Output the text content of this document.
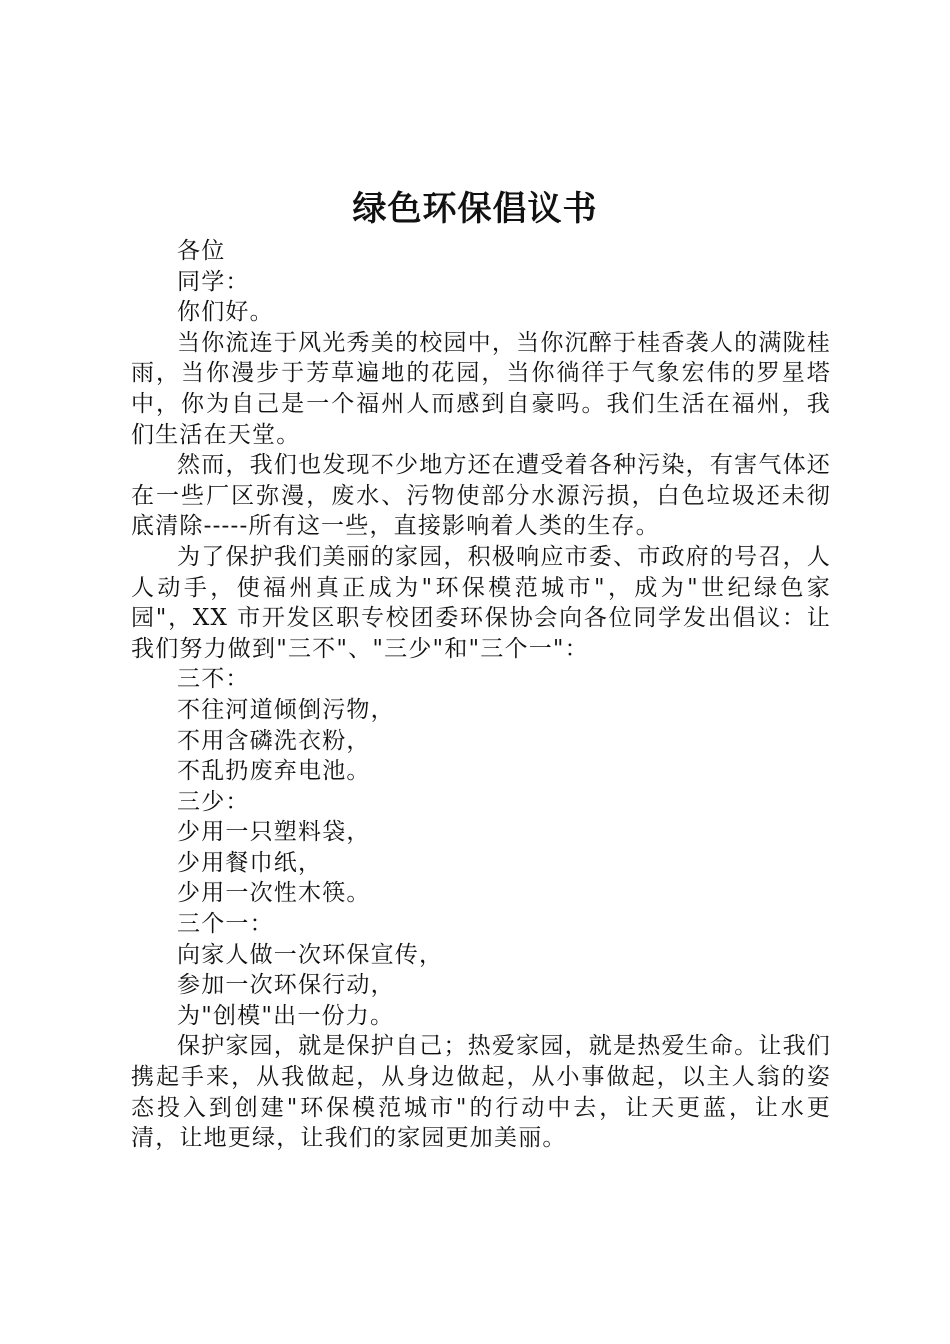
绿色环保倡议书

各位

同学：

你们好。

当你流连于风光秀美的校园中，当你沉醉于桂香袭人的满陇桂雨，当你漫步于芳草遍地的花园，当你徜徉于气象宏伟的罗星塔中，你为自己是一个福州人而感到自豪吗。我们生活在福州，我们生活在天堂。

然而，我们也发现不少地方还在遭受着各种污染，有害气体还在一些厂区弥漫，废水、污物使部分水源污损，白色垃圾还未彻底清除-----所有这一些，直接影响着人类的生存。

为了保护我们美丽的家园，积极响应市委、市政府的号召，人人动手，使福州真正成为"环保模范城市"，成为"世纪绿色家园"，XX 市开发区职专校团委环保协会向各位同学发出倡议：让我们努力做到"三不"、"三少"和"三个一"：

三不：

不往河道倾倒污物，

不用含磷洗衣粉，

不乱扔废弃电池。

三少：

少用一只塑料袋，

少用餐巾纸，

少用一次性木筷。

三个一：

向家人做一次环保宣传，

参加一次环保行动，

为"创模"出一份力。

保护家园，就是保护自己；热爱家园，就是热爱生命。让我们携起手来，从我做起，从身边做起，从小事做起，以主人翁的姿态投入到创建"环保模范城市"的行动中去，让天更蓝，让水更清，让地更绿，让我们的家园更加美丽。
